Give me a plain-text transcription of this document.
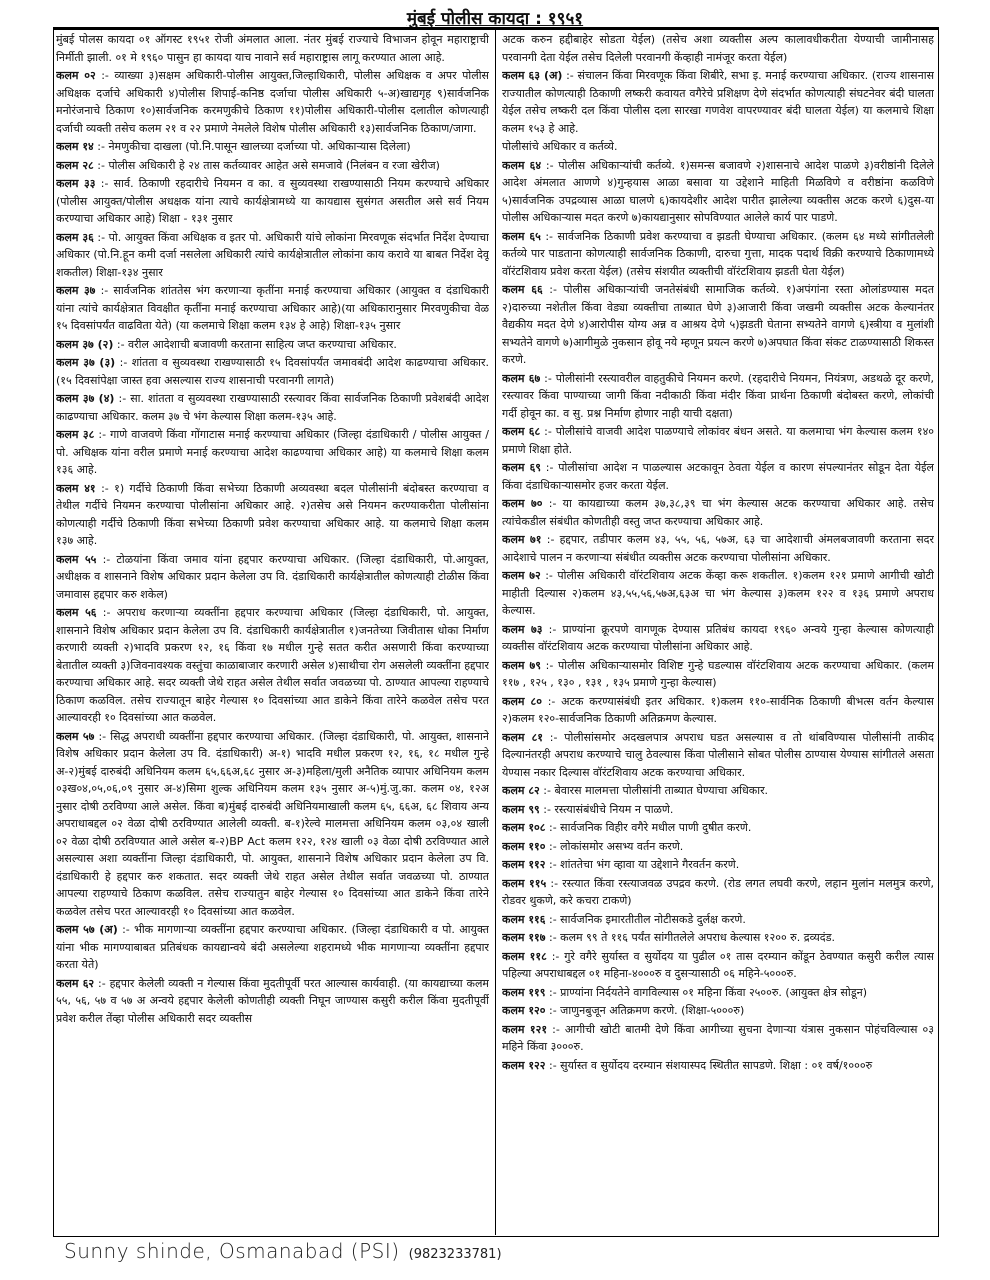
मुंबई पोलीस कायदा : १९५१

मुंबई पोलस कायदा ०१ ऑगस्ट १९५१ रोजी अंमलात आला. नंतर मुंबई राज्याचे विभाजन होवून महाराष्ट्राची निर्मीती झाली. ०१ मे १९६० पासुन हा कायदा याच नावाने सर्व महाराष्ट्रास लागू करण्यात आला आहे.

कलम ०२ :- व्याख्या ३)सक्षम अधिकारी-पोलीस आयुक्त,जिल्हाधिकारी, पोलीस अधिक्षक व अपर पोलीस अधिक्षक दर्जाचे अधिकारी ४)पोलीस शिपाई-कनिष्ठ दर्जाचा पोलीस अधिकारी ५-अ)खाद्यगृह ९)सार्वजनिक मनोरंजनाचे ठिकाण १०)सार्वजनिक करमणुकीचे ठिकाण ११)पोलीस अधिकारी-पोलीस दलातील कोणत्याही दर्जाची व्यक्ती तसेच कलम २१ व २२ प्रमाणे नेमलेले विशेष पोलीस अधिकारी १३)सार्वजनिक ठिकाण/जागा.

कलम १४ :- नेमणुकीचा दाखला (पो.नि.पासून खालच्या दर्जाच्या पो. अधिकाऱ्यास दिलेला)

कलम २८ :- पोलीस अधिकारी हे २४ तास कर्तव्यावर आहेत असे समजावे (निलंबन व रजा खेरीज)

कलम ३३ :- सार्व. ठिकाणी रहदारीचे नियमन व का. व सुव्यवस्था राखण्यासाठी नियम करण्याचे अधिकार (पोलीस आयुक्त/पोलीस अधक्षक यांना त्याचे कार्यक्षेत्रामध्ये या कायद्यास सुसंगत असतील असे सर्व नियम करण्याचा अधिकार आहे) शिक्षा - १३१ नुसार

कलम ३६ :- पो. आयुक्त किंवा अधिक्षक व इतर पो. अधिकारी यांचे लोकांना मिरवणूक संदर्भात निर्देश देण्याचा अधिकार (पो.नि.हून कमी दर्जा नसलेला अधिकारी त्यांचे कार्यक्षेत्रातील लोकांना काय करावे या बाबत निर्देश देवू शकतील) शिक्षा-१३४ नुसार

कलम ३७ :- सार्वजनिक शांततेस भंग करणाऱ्या कृतींना मनाई करण्याचा अधिकार (आयुक्त व दंडाधिकारी यांना त्यांचे कार्यक्षेत्रात विवक्षीत कृतींना मनाई करण्याचा अधिकार आहे)(या अधिकारानुसार मिरवणुकीचा वेळ १५ दिवसांपर्यंत वाढविता येते) (या कलमाचे शिक्षा कलम १३४ हे आहे) शिक्षा-१३५ नुसार

कलम ३७ (२) :- वरील आदेशाची बजावणी करताना साहित्य जप्त करण्याचा अधिकार.

कलम ३७ (३) :- शांतता व सुव्यवस्था राखण्यासाठी १५ दिवसांपर्यंत जमावबंदी आदेश काढण्याचा अधिकार. (१५ दिवसांपेक्षा जास्त हवा असल्यास राज्य शासनाची परवानगी लागते)

कलम ३७ (४) :- सा. शांतता व सुव्यवस्था राखण्यासाठी रस्त्यावर किंवा सार्वजनिक ठिकाणी प्रवेशबंदी आदेश काढण्याचा अधिकार. कलम ३७ चे भंग केल्यास शिक्षा कलम-१३५ आहे.

कलम ३८ :- गाणे वाजवणे किंवा गोंगाटास मनाई करण्याचा अधिकार (जिल्हा दंडाधिकारी / पोलीस आयुक्त / पो. अधिक्षक यांना वरील प्रमाणे मनाई करण्याचा आदेश काढण्याचा अधिकार आहे) या कलमाचे शिक्षा कलम १३६ आहे.

कलम ४१ :- १) गर्दीचे ठिकाणी किंवा सभेच्या ठिकाणी अव्यवस्था बदल पोलीसांनी बंदोबस्त करण्याचा व तेथील गर्दीचे नियमन करण्याचा पोलीसांना अधिकार आहे. २)तसेच असे नियमन करण्याकरीता पोलीसांना कोणत्याही गर्दीचे ठिकाणी किंवा सभेच्या ठिकाणी प्रवेश करण्याचा अधिकार आहे. या कलमाचे शिक्षा कलम १३७ आहे.

कलम ५५ :- टोळयांना किंवा जमाव यांना हद्दपार करण्याचा अधिकार. (जिल्हा दंडाधिकारी, पो.आयुक्त, अधीक्षक व शासनाने विशेष अधिकार प्रदान केलेला उप वि. दंडाधिकारी कार्यक्षेत्रातील कोणत्याही टोळीस किंवा जमावास हद्दपार करु शकेल)

कलम ५६ :- अपराध करणाऱ्या व्यक्तींना हद्दपार करण्याचा अधिकार (जिल्हा दंडाधिकारी, पो. आयुक्त, शासनाने विशेष अधिकार प्रदान केलेला उप वि. दंडाधिकारी कार्यक्षेत्रातील १)जनतेच्या जिवीतास धोका निर्माण करणारी व्यक्ती २)भादवि प्रकरण १२, १६ किंवा १७ मधील गुन्हे सतत करीत असणारी किंवा करण्याच्या बेतातील व्यक्ती ३)जिवनावश्यक वस्तुंचा काळाबाजार करणारी असेल ४)साथीचा रोग असलेली व्यक्तींना हद्दपार करण्याचा अधिकार आहे. सदर व्यक्ती जेथे राहत असेल तेथील सर्वात जवळच्या पो. ठाण्यात आपल्या राहण्याचे ठिकाण कळविल. तसेच राज्यातून बाहेर गेल्यास १० दिवसांच्या आत डाकेने किंवा तारेने कळवेल तसेच परत आल्यावरही १० दिवसांच्या आत कळवेल.

कलम ५७ :- सिद्ध अपराधी व्यक्तींना हद्दपार करण्याचा अधिकार. (जिल्हा दंडाधिकारी, पो. आयुक्त, शासनाने विशेष अधिकार प्रदान केलेला उप वि. दंडाधिकारी) अ-१) भादवि मधील प्रकरण १२, १६, १८ मधील गुन्हे अ-२)मुंबई दारुबंदी अधिनियम कलम ६५,६६अ,६८ नुसार अ-३)महिला/मुली अनैतिक व्यापार अधिनियम कलम ०३ख०४,०५,०६,०९ नुसार अ-४)सिमा शुल्क अधिनियम कलम १३५ नुसार अ-५)मुं.जु.का. कलम ०४, १२अ नुसार दोषी ठरविण्या आले असेल. किंवा ब)मुंबई दारुबंदी अधिनियमाखाली कलम ६५, ६६अ, ६८ शिवाय अन्य अपराधाबद्दल ०२ वेळा दोषी ठरविण्यात आलेली व्यक्ती. ब-१)रेल्वे मालमत्ता अधिनियम कलम ०३,०४ खाली ०२ वेळा दोषी ठरविण्यात आले असेल ब-२)BP Act कलम १२२, १२४ खाली ०३ वेळा दोषी ठरविण्यात आले असल्यास अशा व्यक्तींना जिल्हा दंडाधिकारी, पो. आयुक्त, शासनाने विशेष अधिकार प्रदान केलेला उप वि. दंडाधिकारी हे हद्दपार करु शकतात. सदर व्यक्ती जेथे राहत असेल तेथील सर्वात जवळच्या पो. ठाण्यात आपल्या राहण्याचे ठिकाण कळविल. तसेच राज्यातुन बाहेर गेल्यास १० दिवसांच्या आत डाकेने किंवा तारेने कळवेल तसेच परत आल्यावरही १० दिवसांच्या आत कळवेल.

कलम ५७ (अ) :- भीक मागणाऱ्या व्यक्तींना हद्दपार करण्याचा अधिकार. (जिल्हा दंडाधिकारी व पो. आयुक्त यांना भीक मागण्याबाबत प्रतिबंधक कायद्यान्वये बंदी असलेल्या शहरामध्ये भीक मागणाऱ्या व्यक्तींना हद्दपार करता येते)

कलम ६२ :- हद्दपार केलेली व्यक्ती न गेल्यास किंवा मुदतीपूर्वी परत आल्यास कार्यवाही. (या कायद्याच्या कलम ५५, ५६, ५७ व ५७ अ अन्वये हद्दपार केलेली कोणतीही व्यक्ती निघून जाण्यास कसुरी करील किंवा मुदतीपूर्वी प्रवेश करील तेंव्हा पोलीस अधिकारी सदर व्यक्तीस

अटक करुन हद्दीबाहेर सोडता येईल) (तसेच अशा व्यक्तीस अल्प कालावधीकरीता येण्याची जामीनासह परवानगी देता येईल तसेच दिलेली परवानगी केंव्हाही नामंजूर करता येईल)

कलम ६३ (अ) :- संचालन किंवा मिरवणूक किंवा शिबीरे, सभा इ. मनाई करण्याचा अधिकार. (राज्य शासनास राज्यातील कोणत्याही ठिकाणी लष्करी कवायत वगैरेचे प्रशिक्षण देणे संदर्भात कोणत्याही संघटनेवर बंदी घालता येईल तसेच लष्करी दल किंवा पोलीस दला सारखा गणवेश वापरण्यावर बंदी घालता येईल) या कलमाचे शिक्षा कलम १५३ हे आहे.

पोलीसांचे अधिकार व कर्तव्ये.

कलम ६४ :- पोलीस अधिकाऱ्यांची कर्तव्ये. १)समन्स बजावणे २)शासनाचे आदेश पाळणे ३)वरीष्ठांनी दिलेले आदेश अंमलात आणणे ४)गुन्हयास आळा बसावा या उद्देशाने माहिती मिळविणे व वरीष्ठांना कळविणे ५)सार्वजनिक उपद्रव्यास आळा घालणे ६)कायदेशीर आदेश पारीत झालेल्या व्यक्तीस अटक करणे ६)दुस-या पोलीस अधिकाऱ्यास मदत करणे ७)कायद्यानुसार सोपविण्यात आलेले कार्य पार पाडणे.

कलम ६५ :- सार्वजनिक ठिकाणी प्रवेश करण्याचा व झडती घेण्याचा अधिकार. (कलम ६४ मध्ये सांगीतलेली कर्तव्ये पार पाडताना कोणत्याही सार्वजनिक ठिकाणी, दारुचा गुत्ता, मादक पदार्थ विक्री करण्याचे ठिकाणामध्ये वॉरंटशिवाय प्रवेश करता येईल) (तसेच संशयीत व्यक्तीची वॉरंटशिवाय झडती घेता येईल)

कलम ६६ :- पोलीस अधिकाऱ्यांची जनतेसंबंधी सामाजिक कर्तव्ये. १)अपंगांना रस्ता ओलांडण्यास मदत २)दारुच्या नशेतील किंवा वेड्या व्यक्तीचा ताब्यात घेणे ३)आजारी किंवा जखमी व्यक्तीस अटक केल्यानंतर वैद्यकीय मदत देणे ४)आरोपीस योग्य अन्न व आश्रय देणे ५)झडती घेताना सभ्यतेने वागणे ६)स्त्रीया व मुलांशी सभ्यतेने वागणे ७)आगीमुळे नुकसान होवू नये म्हणून प्रयत्न करणे ७)अपघात किंवा संकट टाळण्यासाठी शिकस्त करणे.

कलम ६७ :- पोलीसांनी रस्त्यावरील वाहतुकीचे नियमन करणे. (रहदारीचे नियमन, नियंत्रण, अडथळे दूर करणे, रस्त्यावर किंवा पाण्याच्या जागी किंवा नदीकाठी किंवा मंदीर किंवा प्रार्थना ठिकाणी बंदोबस्त करणे, लोकांची गर्दी होवून का. व सु. प्रश्न निर्माण होणार नाही याची दक्षता)

कलम ६८ :- पोलीसांचे वाजवी आदेश पाळण्याचे लोकांवर बंधन असते. या कलमाचा भंग केल्यास कलम १४० प्रमाणे शिक्षा होते.

कलम ६९ :- पोलीसांचा आदेश न पाळल्यास अटकावून ठेवता येईल व कारण संपल्यानंतर सोडून देता येईल किंवा दंडाधिकाऱ्यासमोर हजर करता येईल.

कलम ७० :- या कायद्याच्या कलम ३७,३८,३९ चा भंग केल्यास अटक करण्याचा अधिकार आहे. तसेच त्यांचेकडील संबंधीत कोणतीही वस्तु जप्त करण्याचा अधिकार आहे.

कलम ७१ :- हद्दपार, तडीपार कलम ४३, ५५, ५६, ५७अ, ६३ चा आदेशाची अंमलबजावणी करताना सदर आदेशाचे पालन न करणाऱ्या संबंधीत व्यक्तीस अटक करण्याचा पोलीसांना अधिकार.

कलम ७२ :- पोलीस अधिकारी वॉरंटशिवाय अटक केंव्हा करू शकतील. १)कलम १२१ प्रमाणे आगीची खोटी माहीती दिल्यास २)कलम ४३,५५,५६,५७अ,६३अ चा भंग केल्यास ३)कलम १२२ व १३६ प्रमाणे अपराध केल्यास.

कलम ७३ :- प्राण्यांना क्रूरपणे वागणूक देण्यास प्रतिबंध कायदा १९६० अन्वये गुन्हा केल्यास कोणत्याही व्यक्तीस वॉरंटशिवाय अटक करण्याचा पोलीसांना अधिकार आहे.

कलम ७९ :- पोलीस अधिकाऱ्यासमोर विशिष्ट गुन्हे घडल्यास वॉरंटशिवाय अटक करण्याचा अधिकार. (कलम ११७ , १२५ , १३० , १३१ , १३५ प्रमाणे गुन्हा केल्यास)

कलम ८० :- अटक करण्यासंबंधी इतर अधिकार. १)कलम ११०-सार्वनिक ठिकाणी बीभत्स वर्तन केल्यास २)कलम १२०-सार्वजनिक ठिकाणी अतिक्रमण केल्यास.

कलम ८१ :- पोलीसांसमोर अदखलपात्र अपराध घडत असल्यास व तो थांबविण्यास पोलीसांनी ताकीद दिल्यानंतरही अपराध करण्याचे चालु ठेवल्यास किंवा पोलीसाने सोबत पोलीस ठाण्यास येण्यास सांगीतले असता येण्यास नकार दिल्यास वॉरंटशिवाय अटक करण्याचा अधिकार.

कलम ८२ :- बेवारस मालमत्ता पोलीसांनी ताब्यात घेण्याचा अधिकार.

कलम ९९ :- रस्त्यासंबंधीचे नियम न पाळणे.

कलम १०८ :- सार्वजनिक विहीर वगैरे मधील पाणी दुषीत करणे.

कलम ११० :- लोकांसमोर असभ्य वर्तन करणे.

कलम ११२ :- शांततेचा भंग व्हावा या उद्देशाने गैरवर्तन करणे.

कलम ११५ :- रस्त्यात किंवा रस्त्याजवळ उपद्रव करणे. (रोड लगत लघवी करणे, लहान मुलांन मलमुत्र करणे, रोडवर थुकणे, करे कचरा टाकणे)

कलम ११६ :- सार्वजनिक इमारतीतील नोटीसकडे दुर्लक्ष करणे.

कलम ११७ :- कलम ९९ ते ११६ पर्यंत सांगीतलेले अपराध केल्यास १२०० रु. द्रव्यदंड.

कलम ११८ :- गुरे वगैरे सुर्यास्त व सुर्योदय या पुढील ०१ तास दरम्यान कोंडून ठेवण्यात कसुरी करील त्यास पहिल्या अपराधाबद्दल ०१ महिना-४०००रु व दुसऱ्यासाठी ०६ महिने-५०००रु.

कलम ११९ :- प्राण्यांना निर्दयतेने वागविल्यास ०१ महिना किंवा २५००रु. (आयुक्त क्षेत्र सोडून)

कलम १२० :- जाणुनबुजून अतिक्रमण करणे. (शिक्षा-५०००रु)

कलम १२१ :- आगीची खोटी बातमी देणे किंवा आगीच्या सुचना देणाऱ्या यंत्रास नुकसान पोहंचविल्यास ०३ महिने किंवा ३०००रु.

कलम १२२ :- सुर्यास्त व सुर्योदय दरम्यान संशयास्पद स्थितीत सापडणे. शिक्षा : ०१ वर्ष/१०००रु

Sunny shinde, Osmanabad (PSI) (9823233781)
